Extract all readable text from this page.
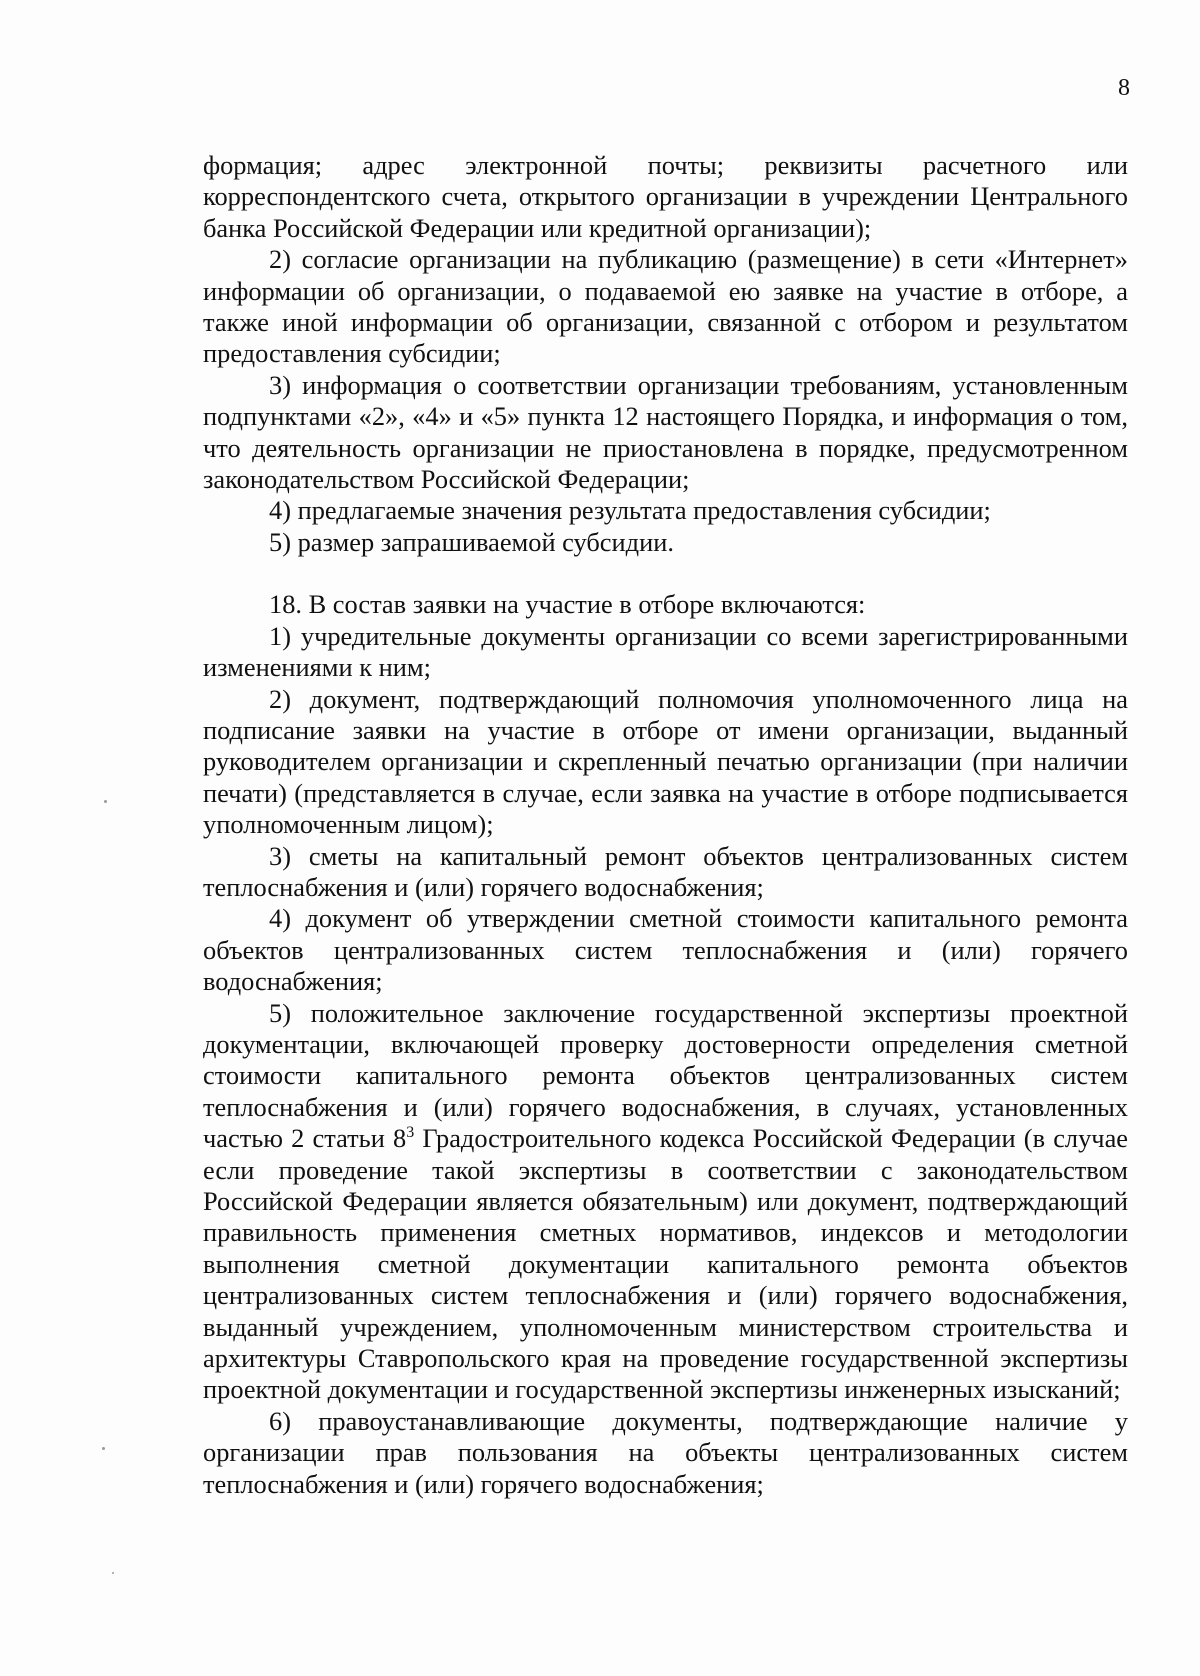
8

формация; адрес электронной почты; реквизиты расчетного или корреспондентского счета, открытого организации в учреждении Центрального банка Российской Федерации или кредитной организации);

2) согласие организации на публикацию (размещение) в сети «Интернет» информации об организации, о подаваемой ею заявке на участие в отборе, а также иной информации об организации, связанной с отбором и результатом предоставления субсидии;

3) информация о соответствии организации требованиям, установленным подпунктами «2», «4» и «5» пункта 12 настоящего Порядка, и информация о том, что деятельность организации не приостановлена в порядке, предусмотренном законодательством Российской Федерации;

4) предлагаемые значения результата предоставления субсидии;

5) размер запрашиваемой субсидии.

18. В состав заявки на участие в отборе включаются:

1) учредительные документы организации со всеми зарегистрированными изменениями к ним;

2) документ, подтверждающий полномочия уполномоченного лица на подписание заявки на участие в отборе от имени организации, выданный руководителем организации и скрепленный печатью организации (при наличии печати) (представляется в случае, если заявка на участие в отборе подписывается уполномоченным лицом);

3) сметы на капитальный ремонт объектов централизованных систем теплоснабжения и (или) горячего водоснабжения;

4) документ об утверждении сметной стоимости капитального ремонта объектов централизованных систем теплоснабжения и (или) горячего водоснабжения;

5) положительное заключение государственной экспертизы проектной документации, включающей проверку достоверности определения сметной стоимости капитального ремонта объектов централизованных систем теплоснабжения и (или) горячего водоснабжения, в случаях, установленных частью 2 статьи $8^3$ Градостроительного кодекса Российской Федерации (в случае если проведение такой экспертизы в соответствии с законодательством Российской Федерации является обязательным) или документ, подтверждающий правильность применения сметных нормативов, индексов и методологии выполнения сметной документации капитального ремонта объектов централизованных систем теплоснабжения и (или) горячего водоснабжения, выданный учреждением, уполномоченным министерством строительства и архитектуры Ставропольского края на проведение государственной экспертизы проектной документации и государственной экспертизы инженерных изысканий;

6) правоустанавливающие документы, подтверждающие наличие у организации прав пользования на объекты централизованных систем теплоснабжения и (или) горячего водоснабжения;
